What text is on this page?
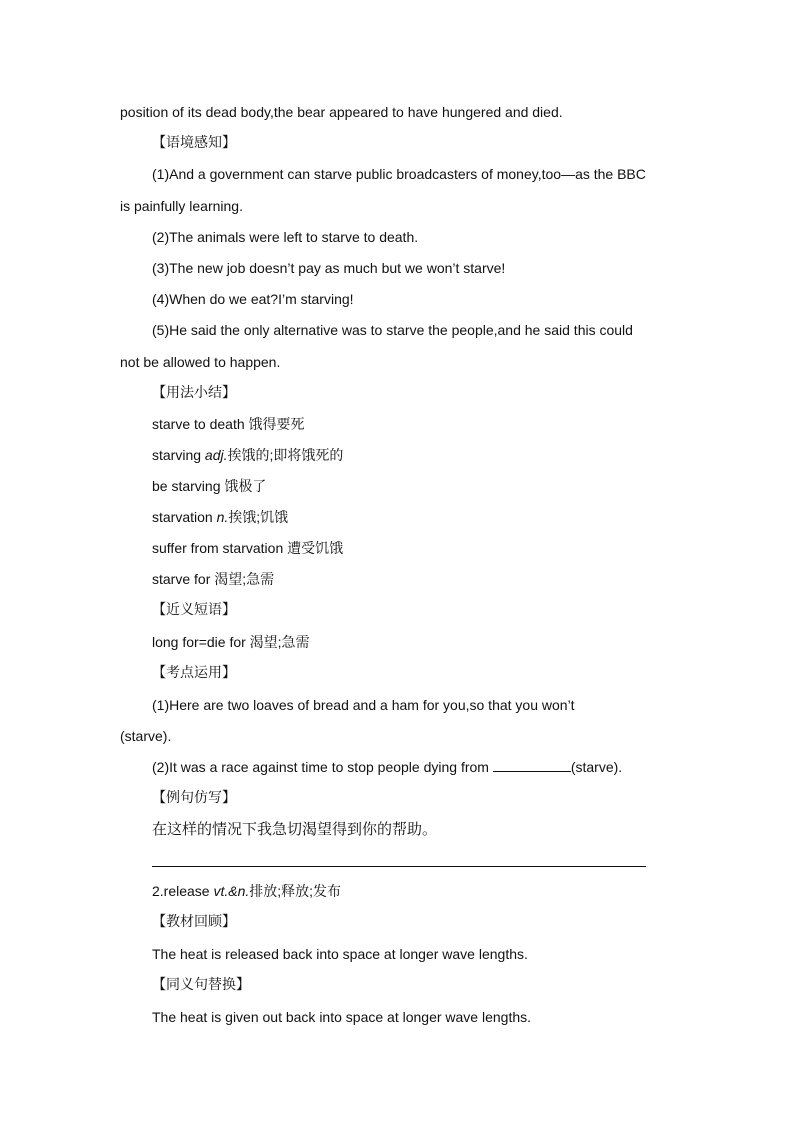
position of its dead body,the bear appeared to have hungered and died.
【语境感知】
(1)And a government can starve public broadcasters of money,too—as the BBC
is painfully learning.
(2)The animals were left to starve to death.
(3)The new job doesn’t pay as much but we won’t starve!
(4)When do we eat?I’m starving!
(5)He said the only alternative was to starve the people,and he said this could
not be allowed to happen.
【用法小结】
starve to death 饿得要死
starving adj.挨饿的;即将饿死的
be starving 饿极了
starvation n.挨饿;饥饿
suffer from starvation 遭受饥饿
starve for 渴望;急需
【近义短语】
long for=die for 渴望;急需
【考点运用】
(1)Here are two loaves of bread and a ham for you,so that you won’t
(starve).
(2)It was a race against time to stop people dying from	(starve).
【例句仿写】
在这样的情况下我急切渴望得到你的帮助。
2.release vt.&n.排放;释放;发布
【教材回顾】
The heat is released back into space at longer wave lengths.
【同义句替换】
The heat is given out back into space at longer wave lengths.
